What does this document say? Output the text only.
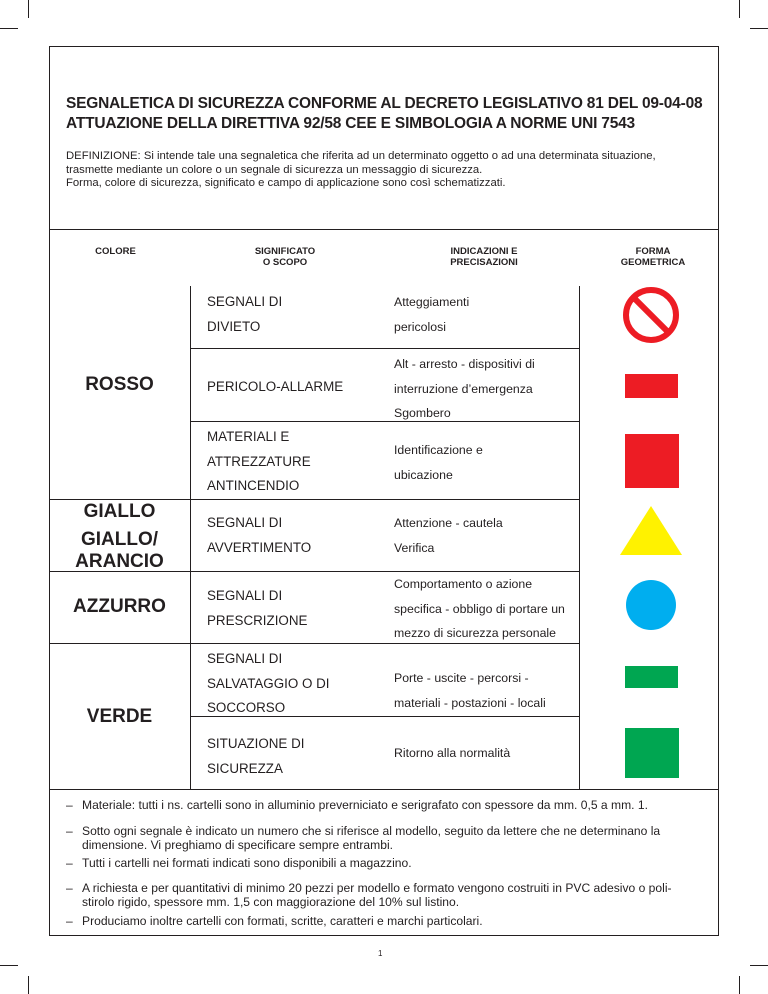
SEGNALETICA DI SICUREZZA CONFORME AL DECRETO LEGISLATIVO 81 DEL 09-04-08
ATTUAZIONE DELLA DIRETTIVA 92/58 CEE E SIMBOLOGIA A NORME UNI 7543
DEFINIZIONE: Si intende tale una segnaletica che riferita ad un determinato oggetto o ad una determinata situazione,
trasmette mediante un colore o un segnale di sicurezza un messaggio di sicurezza.
Forma, colore di sicurezza, significato e campo di applicazione sono così schematizzati.
COLORE	SIGNIFICATO
O SCOPO
INDICAZIONI E
PRECISAZIONI
FORMA
GEOMETRICA
ROSSO
GIALLO
GIALLO/
ARANCIO
AZZURRO
VERDE
SEGNALI DI
DIVIETO
Atteggiamenti
pericolosi
PERICOLO-ALLARME
Alt - arresto - dispositivi di
interruzione d’emergenza
Sgombero
MATERIALI E
ATTREZZATURE
ANTINCENDIO
Identificazione e
ubicazione
SEGNALI DI
AVVERTIMENTO
Attenzione - cautela
Verifica
SEGNALI DI
PRESCRIZIONE
Comportamento o azione
specifica - obbligo di portare un
mezzo di sicurezza personale
SEGNALI DI
SALVATAGGIO O DI
SOCCORSO
Porte - uscite - percorsi -
materiali - postazioni - locali
SITUAZIONE DI
SICUREZZA
Ritorno alla normalità
– Materiale: tutti i ns. cartelli sono in alluminio preverniciato e serigrafato con spessore da mm. 0,5 a mm. 1.
– Sotto ogni segnale è indicato un numero che si riferisce al modello, seguito da lettere che ne determinano la
dimensione. Vi preghiamo di specificare sempre entrambi.
– Tutti i cartelli nei formati indicati sono disponibili a magazzino.
– A richiesta e per quantitativi di minimo 20 pezzi per modello e formato vengono costruiti in PVC adesivo o poli-
stirolo rigido, spessore mm. 1,5 con maggiorazione del 10% sul listino.
– Produciamo inoltre cartelli con formati, scritte, caratteri e marchi particolari.
1
